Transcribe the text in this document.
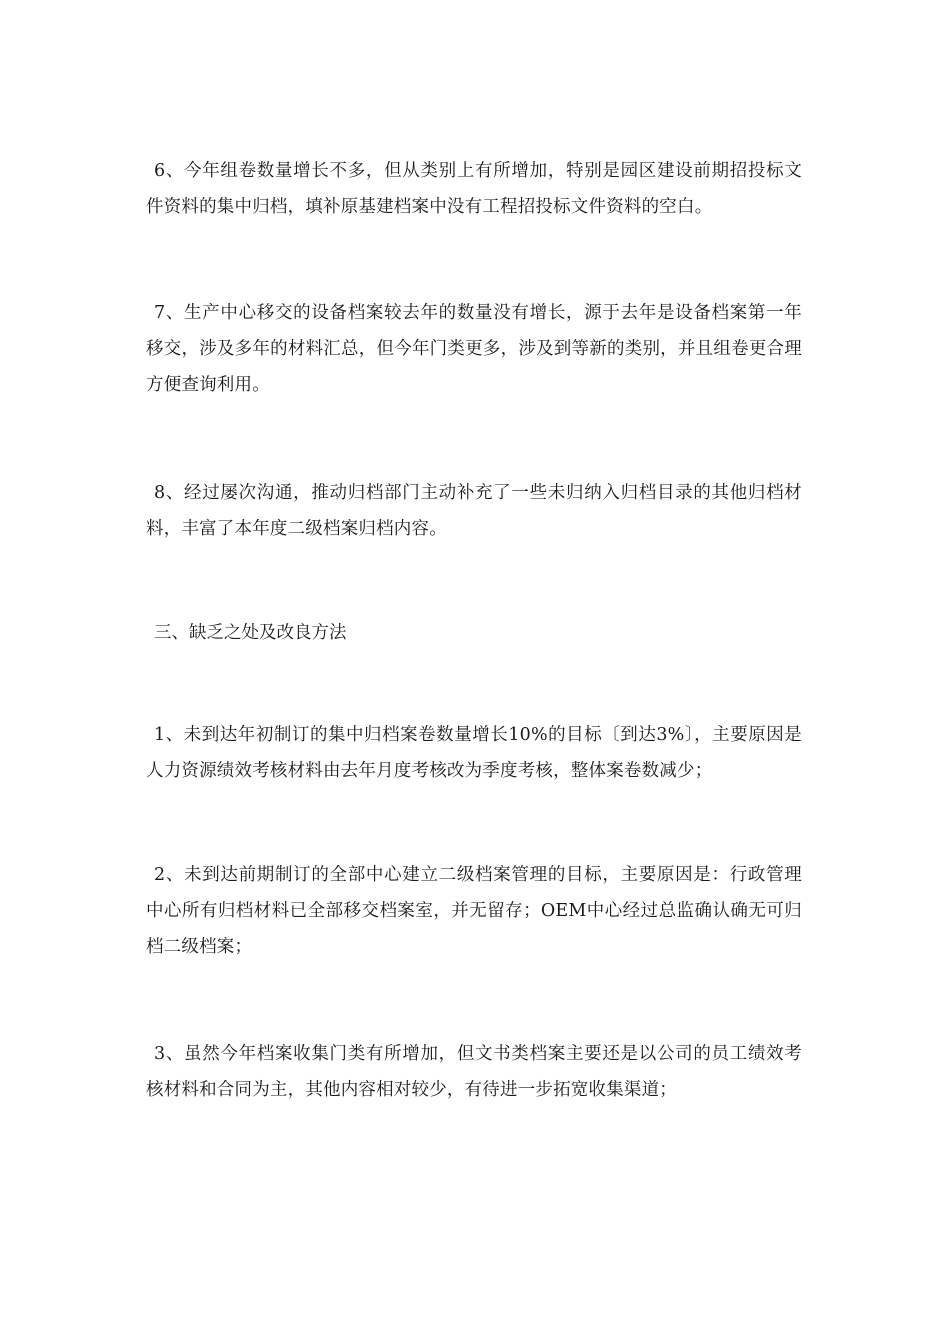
6、今年组卷数量增长不多，但从类别上有所增加，特别是园区建设前期招投标文件资料的集中归档，填补原基建档案中没有工程招投标文件资料的空白。

7、生产中心移交的设备档案较去年的数量没有增长，源于去年是设备档案第一年移交，涉及多年的材料汇总，但今年门类更多，涉及到等新的类别，并且组卷更合理方便查询利用。

8、经过屡次沟通，推动归档部门主动补充了一些未归纳入归档目录的其他归档材料，丰富了本年度二级档案归档内容。

三、缺乏之处及改良方法

1、未到达年初制订的集中归档案卷数量增长10%的目标〔到达3%〕，主要原因是人力资源绩效考核材料由去年月度考核改为季度考核，整体案卷数减少；

2、未到达前期制订的全部中心建立二级档案管理的目标，主要原因是：行政管理中心所有归档材料已全部移交档案室，并无留存；OEM中心经过总监确认确无可归档二级档案；

3、虽然今年档案收集门类有所增加，但文书类档案主要还是以公司的员工绩效考核材料和合同为主，其他内容相对较少，有待进一步拓宽收集渠道；
